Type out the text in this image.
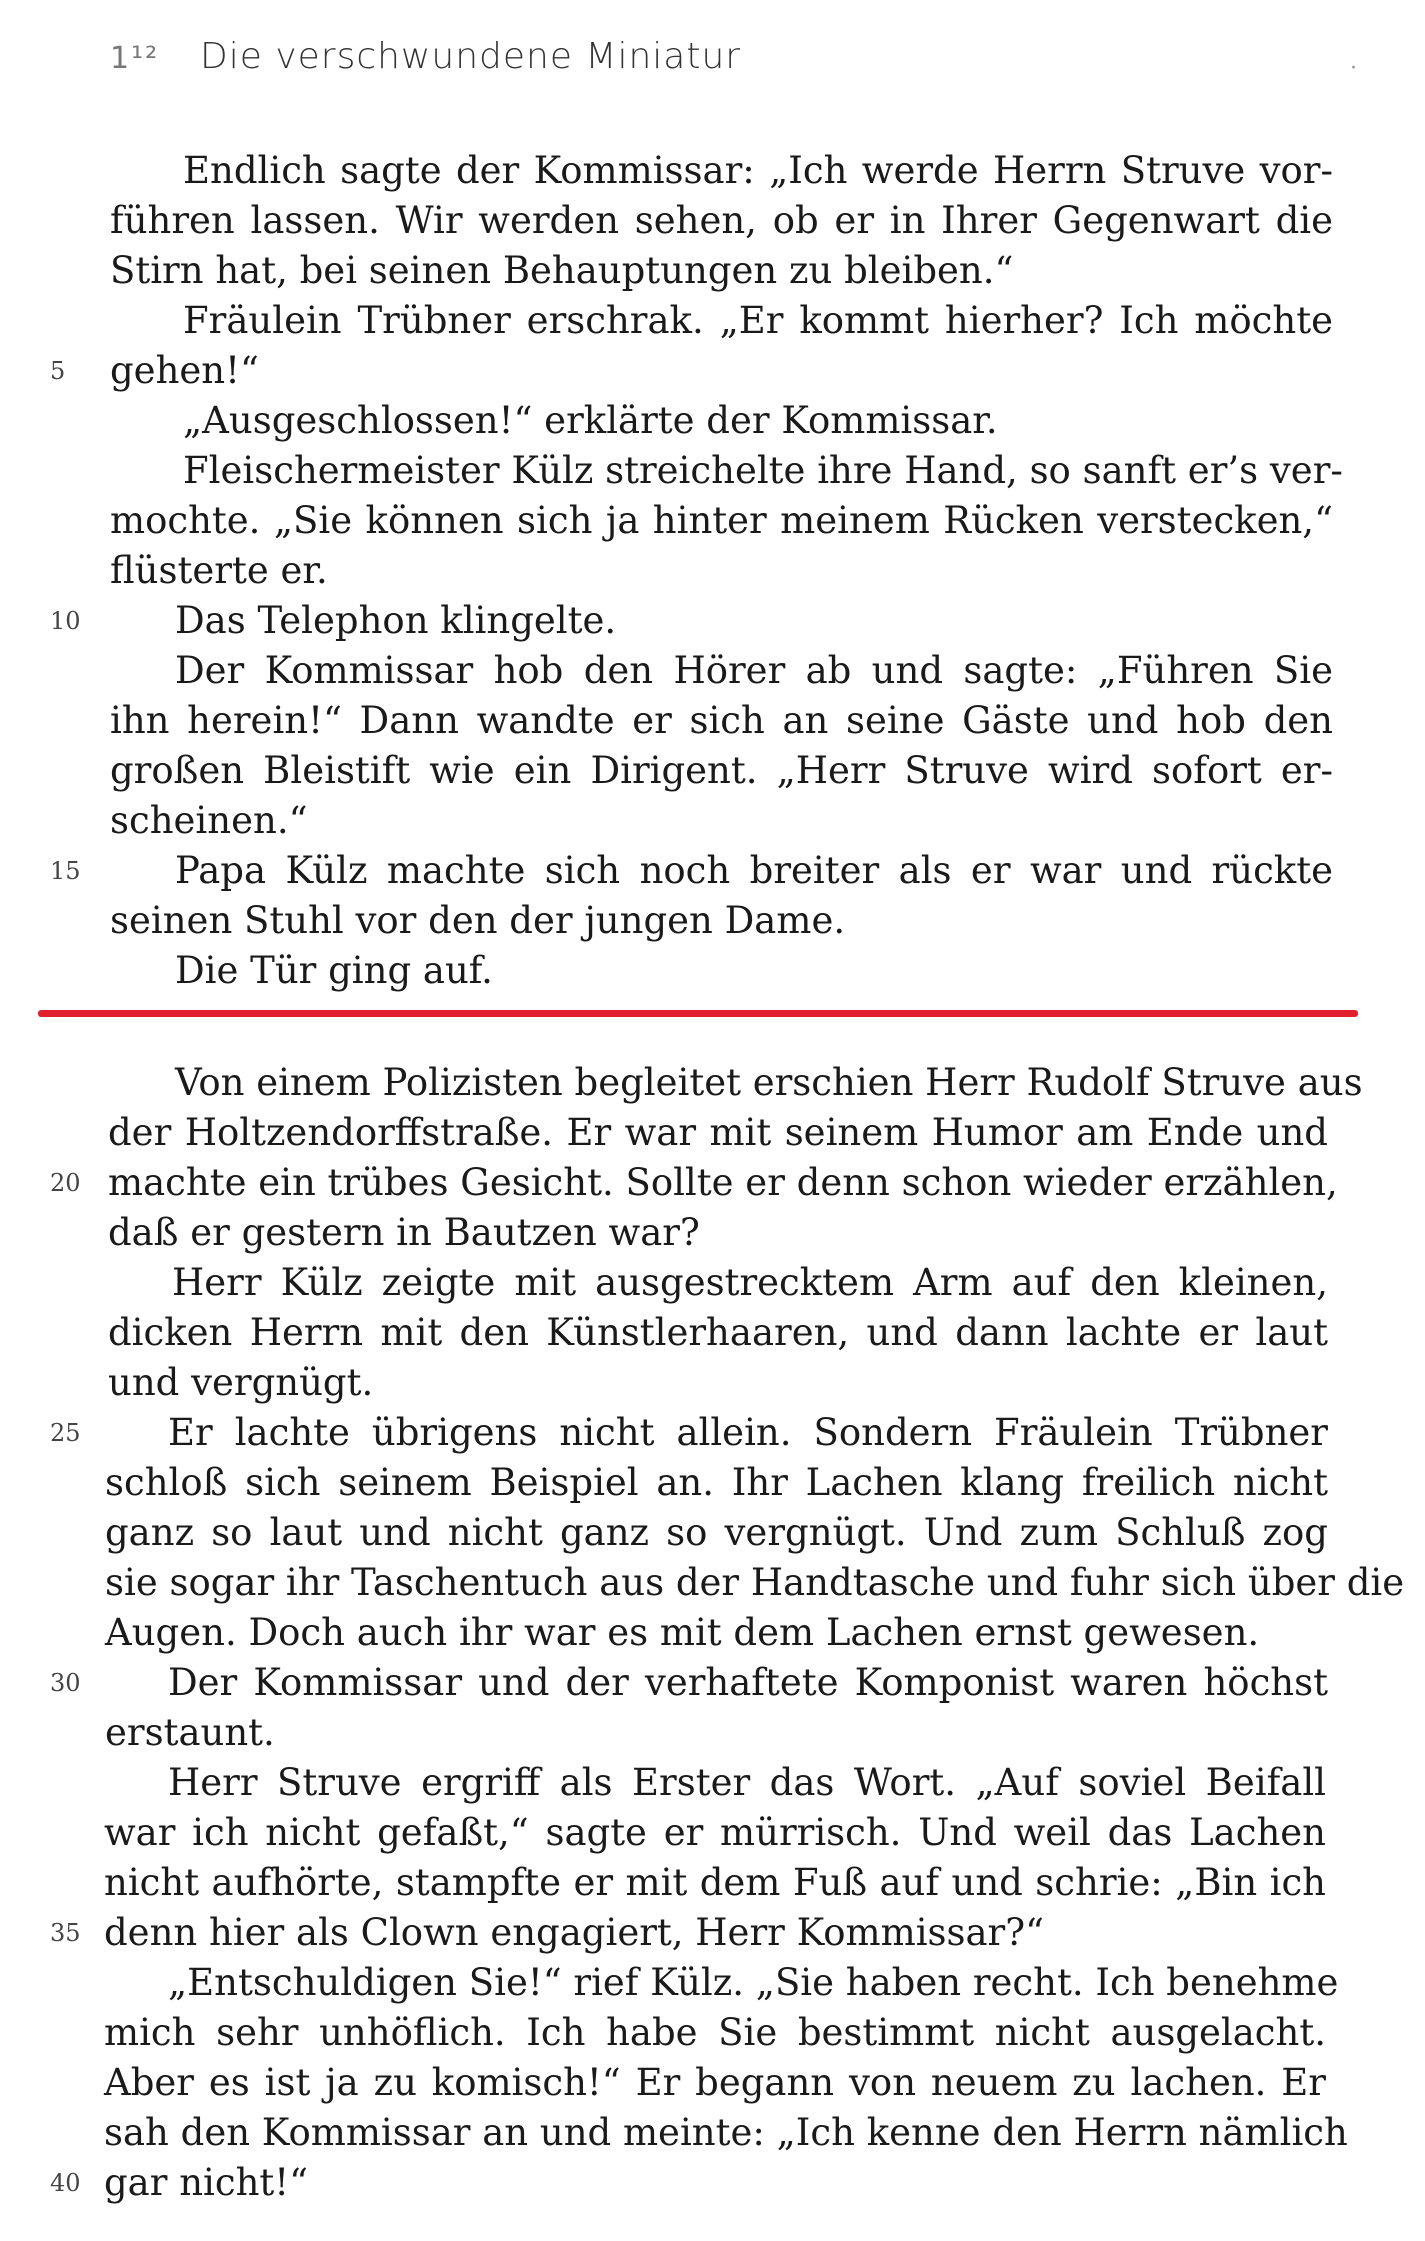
1¹²	Die verschwundene Miniatur	·
Endlich sagte der Kommissar: „Ich werde Herrn Struve vor-
führen lassen. Wir werden sehen, ob er in Ihrer Gegenwart die
Stirn hat, bei seinen Behauptungen zu bleiben.“
Fräulein Trübner erschrak. „Er kommt hierher? Ich möchte
gehen!“
„Ausgeschlossen!“ erklärte der Kommissar.
Fleischermeister Külz streichelte ihre Hand, so sanft er’s ver-
mochte. „Sie können sich ja hinter meinem Rücken verstecken,“
flüsterte er.
Das Telephon klingelte.
Der Kommissar hob den Hörer ab und sagte: „Führen Sie
ihn herein!“ Dann wandte er sich an seine Gäste und hob den
großen Bleistift wie ein Dirigent. „Herr Struve wird sofort er-
scheinen.“
Papa Külz machte sich noch breiter als er war und rückte
seinen Stuhl vor den der jungen Dame.
Die Tür ging auf.
5
10
15
Von einem Polizisten begleitet erschien Herr Rudolf Struve aus
der Holtzendorffstraße. Er war mit seinem Humor am Ende und
machte ein trübes Gesicht. Sollte er denn schon wieder erzählen,
daß er gestern in Bautzen war?
Herr Külz zeigte mit ausgestrecktem Arm auf den kleinen,
dicken Herrn mit den Künstlerhaaren, und dann lachte er laut
und vergnügt.
Er lachte übrigens nicht allein. Sondern Fräulein Trübner
schloß sich seinem Beispiel an. Ihr Lachen klang freilich nicht
ganz so laut und nicht ganz so vergnügt. Und zum Schluß zog
sie sogar ihr Taschentuch aus der Handtasche und fuhr sich über die
Augen. Doch auch ihr war es mit dem Lachen ernst gewesen.
Der Kommissar und der verhaftete Komponist waren höchst
erstaunt.
Herr Struve ergriff als Erster das Wort. „Auf soviel Beifall
war ich nicht gefaßt,“ sagte er mürrisch. Und weil das Lachen
nicht aufhörte, stampfte er mit dem Fuß auf und schrie: „Bin ich
denn hier als Clown engagiert, Herr Kommissar?“
„Entschuldigen Sie!“ rief Külz. „Sie haben recht. Ich benehme
mich sehr unhöflich. Ich habe Sie bestimmt nicht ausgelacht.
Aber es ist ja zu komisch!“ Er begann von neuem zu lachen. Er
sah den Kommissar an und meinte: „Ich kenne den Herrn nämlich
gar nicht!“
20
25
30
35
40
